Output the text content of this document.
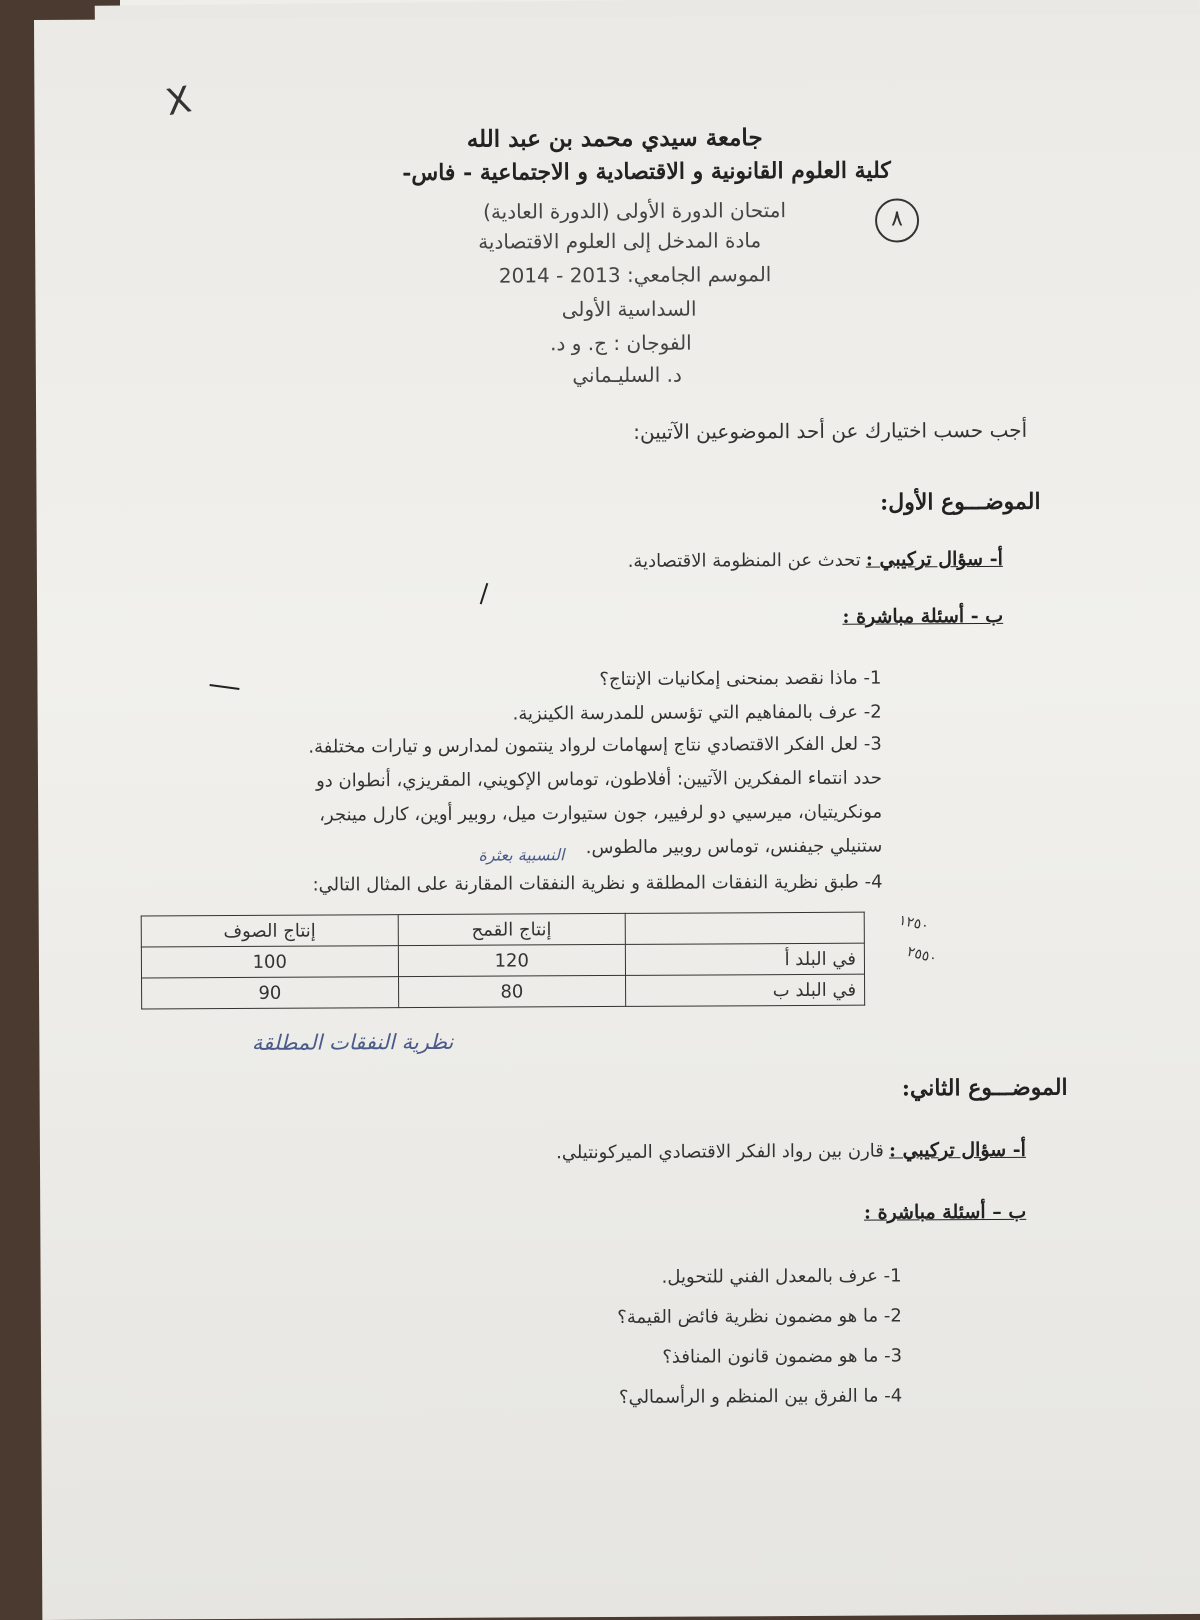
X
جامعة سيدي محمد بن عبد الله
كلية العلوم القانونية و الاقتصادية و الاجتماعية - فاس-
امتحان الدورة الأولى (الدورة العادية)	٨
مادة المدخل إلى العلوم الاقتصادية
الموسم الجامعي: 2013 - 2014
السداسية الأولى
الفوجان : ج. و د.
د. السليـماني
أجب حسب اختيارك عن أحد الموضوعين الآتيين:
الموضـــوع الأول:
أ- سؤال تركيبي : تحدث عن المنظومة الاقتصادية.
ب - أسئلة مباشرة :
1- ماذا نقصد بمنحنى إمكانيات الإنتاج؟
2- عرف بالمفاهيم التي تؤسس للمدرسة الكينزية.
3- لعل الفكر الاقتصادي نتاج إسهامات لرواد ينتمون لمدارس و تيارات مختلفة.
حدد انتماء المفكرين الآتيين: أفلاطون، توماس الإكويني، المقريزي، أنطوان دو
مونكريتيان، ميرسيي دو لرفيير، جون ستيوارت ميل، روبير أوين، كارل مينجر،
ستنيلي جيفنس، توماس روبير مالطوس.
النسبية بعثرة
4- طبق نظرية النفقات المطلقة و نظرية النفقات المقارنة على المثال التالي:
	إنتاج القمح	إنتاج الصوف
في البلد أ	120	100
في البلد ب	80	90
١٢٥٠
٢٥٥٠
نظرية النفقات المطلقة
الموضـــوع الثاني:
أ- سؤال تركيبي : قارن بين رواد الفكر الاقتصادي الميركونتيلي.
ب – أسئلة مباشرة :
1- عرف بالمعدل الفني للتحويل.
2- ما هو مضمون نظرية فائض القيمة؟
3- ما هو مضمون قانون المنافذ؟
4- ما الفرق بين المنظم و الرأسمالي؟
